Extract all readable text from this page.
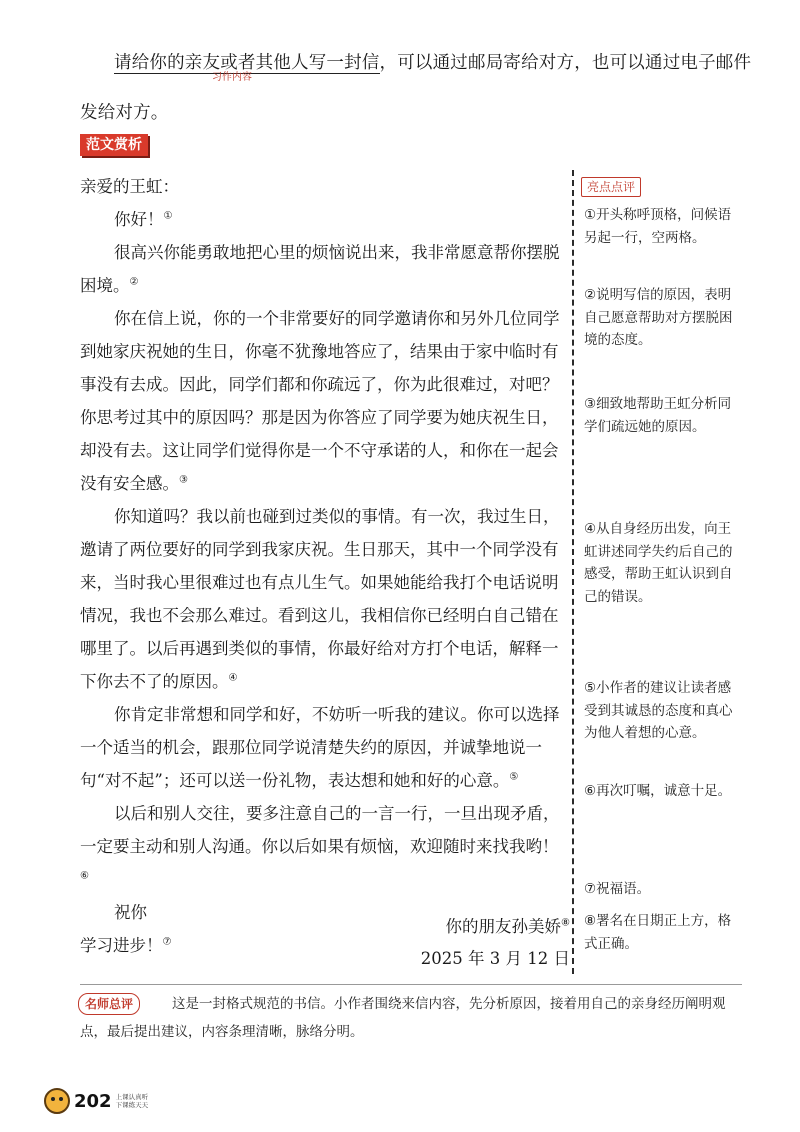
请给你的亲友或者其他人写一封信，可以通过邮局寄给对方，也可以通过电子邮件发给对方。
习作内容
范文赏析
亮点点评

亲爱的王虹：

你好！①

很高兴你能勇敢地把心里的烦恼说出来，我非常愿意帮你摆脱困境。②

你在信上说，你的一个非常要好的同学邀请你和另外几位同学到她家庆祝她的生日，你毫不犹豫地答应了，结果由于家中临时有事没有去成。因此，同学们都和你疏远了，你为此很难过，对吧？你思考过其中的原因吗？那是因为你答应了同学要为她庆祝生日，却没有去。这让同学们觉得你是一个不守承诺的人，和你在一起会没有安全感。③

你知道吗？我以前也碰到过类似的事情。有一次，我过生日，邀请了两位要好的同学到我家庆祝。生日那天，其中一个同学没有来，当时我心里很难过也有点儿生气。如果她能给我打个电话说明情况，我也不会那么难过。看到这儿，我相信你已经明白自己错在哪里了。以后再遇到类似的事情，你最好给对方打个电话，解释一下你去不了的原因。④

你肯定非常想和同学和好，不妨听一听我的建议。你可以选择一个适当的机会，跟那位同学说清楚失约的原因，并诚挚地说一句“对不起”；还可以送一份礼物，表达想和她和好的心意。⑤

以后和别人交往，要多注意自己的一言一行，一旦出现矛盾，一定要主动和别人沟通。你以后如果有烦恼，欢迎随时来找我哟！⑥

祝你

学习进步！⑦

你的朋友孙美娇⑧
2025 年 3 月 12 日
①开头称呼顶格，问候语另起一行，空两格。
②说明写信的原因，表明自己愿意帮助对方摆脱困境的态度。
③细致地帮助王虹分析同学们疏远她的原因。
④从自身经历出发，向王虹讲述同学失约后自己的感受，帮助王虹认识到自己的错误。
⑤小作者的建议让读者感受到其诚恳的态度和真心为他人着想的心意。
⑥再次叮嘱，诚意十足。
⑦祝福语。
⑧署名在日期正上方，格式正确。
这是一封格式规范的书信。小作者围绕来信内容，先分析原因，接着用自己的亲身经历阐明观点，最后提出建议，内容条理清晰，脉络分明。
名师总评
202 上课认真听
下课练天天
